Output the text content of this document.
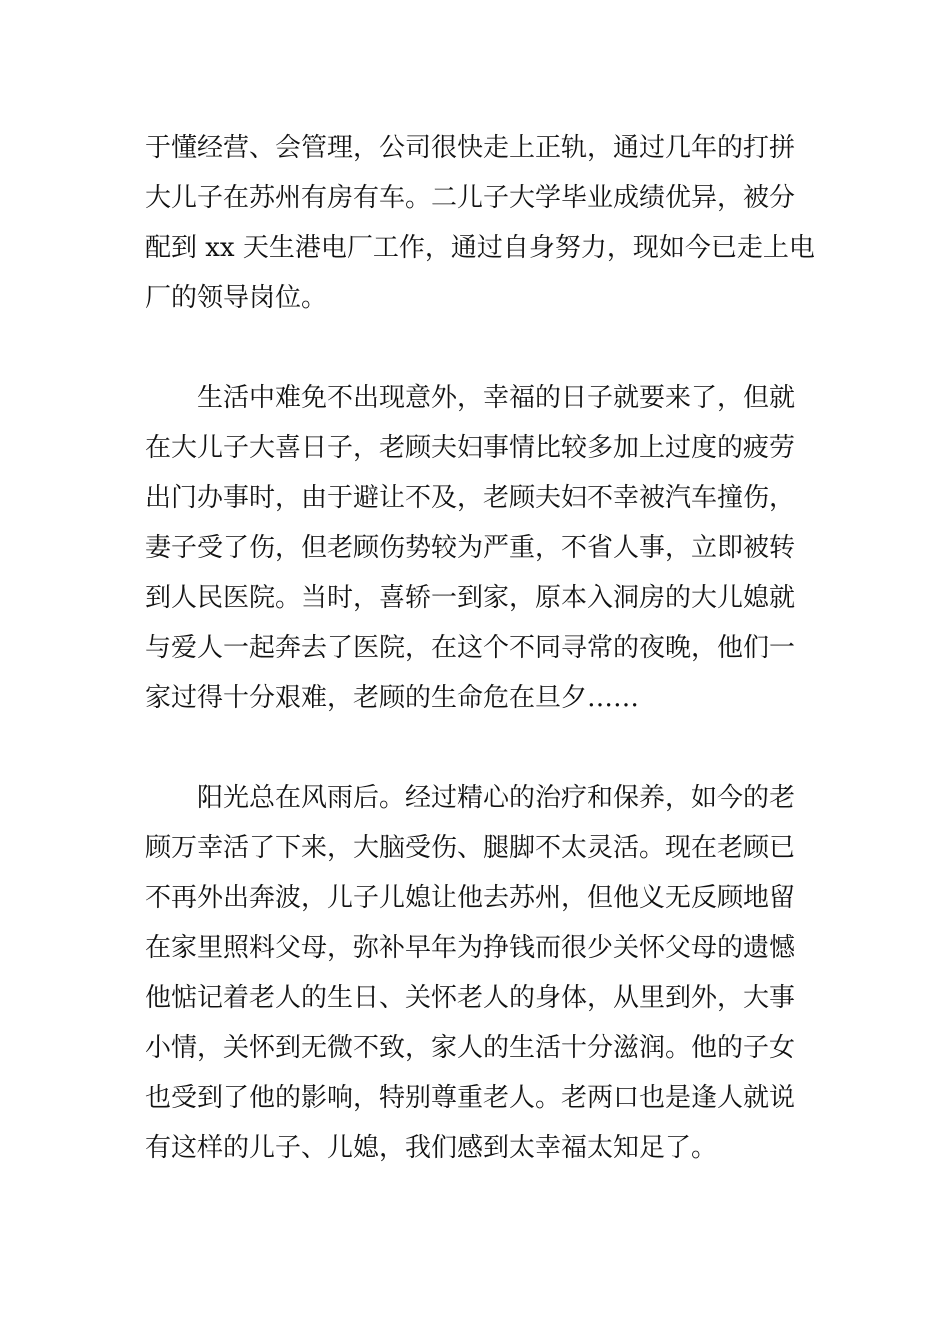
于懂经营、会管理，公司很快走上正轨，通过几年的打拼

大儿子在苏州有房有车。二儿子大学毕业成绩优异，被分

配到 xx 天生港电厂工作，通过自身努力，现如今已走上电

厂的领导岗位。

生活中难免不出现意外，幸福的日子就要来了，但就

在大儿子大喜日子，老顾夫妇事情比较多加上过度的疲劳

出门办事时，由于避让不及，老顾夫妇不幸被汽车撞伤，

妻子受了伤，但老顾伤势较为严重，不省人事，立即被转

到人民医院。当时，喜轿一到家，原本入洞房的大儿媳就

与爱人一起奔去了医院，在这个不同寻常的夜晚，他们一

家过得十分艰难，老顾的生命危在旦夕……

阳光总在风雨后。经过精心的治疗和保养，如今的老

顾万幸活了下来，大脑受伤、腿脚不太灵活。现在老顾已

不再外出奔波，儿子儿媳让他去苏州，但他义无反顾地留

在家里照料父母，弥补早年为挣钱而很少关怀父母的遗憾

他惦记着老人的生日、关怀老人的身体，从里到外，大事

小情，关怀到无微不致，家人的生活十分滋润。他的子女

也受到了他的影响，特别尊重老人。老两口也是逢人就说

有这样的儿子、儿媳，我们感到太幸福太知足了。
